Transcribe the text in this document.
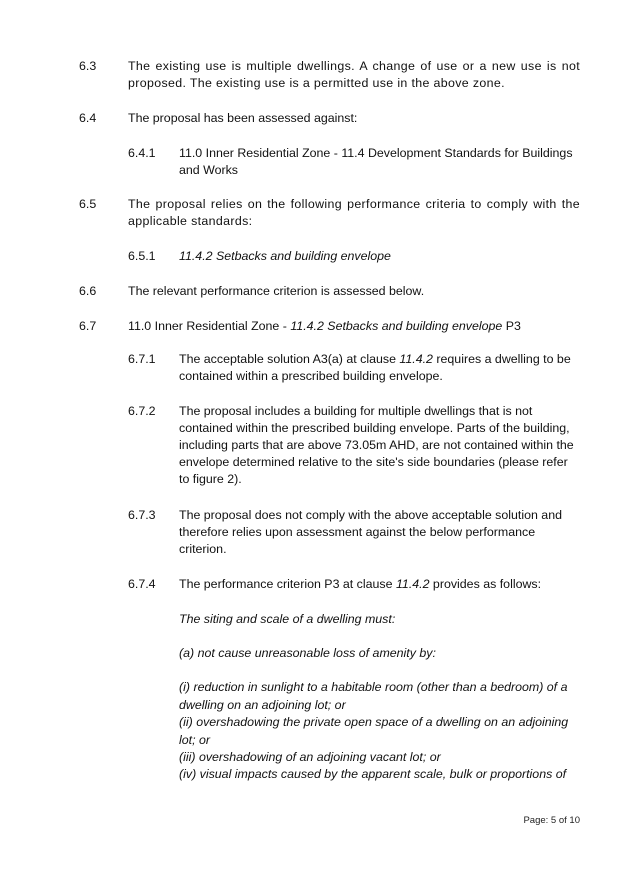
6.3	The existing use is multiple dwellings. A change of use or a new use is not proposed. The existing use is a permitted use in the above zone.
6.4	The proposal has been assessed against:
6.4.1 11.0 Inner Residential Zone - 11.4 Development Standards for Buildings and Works
6.5	The proposal relies on the following performance criteria to comply with the applicable standards:
6.5.1 11.4.2 Setbacks and building envelope
6.6	The relevant performance criterion is assessed below.
6.7	11.0 Inner Residential Zone - 11.4.2 Setbacks and building envelope P3
6.7.1 The acceptable solution A3(a) at clause 11.4.2 requires a dwelling to be contained within a prescribed building envelope.
6.7.2 The proposal includes a building for multiple dwellings that is not contained within the prescribed building envelope. Parts of the building, including parts that are above 73.05m AHD, are not contained within the envelope determined relative to the site's side boundaries (please refer to figure 2).
6.7.3 The proposal does not comply with the above acceptable solution and therefore relies upon assessment against the below performance criterion.
6.7.4 The performance criterion P3 at clause 11.4.2 provides as follows:
The siting and scale of a dwelling must:
(a) not cause unreasonable loss of amenity by:
(i) reduction in sunlight to a habitable room (other than a bedroom) of a dwelling on an adjoining lot; or
(ii) overshadowing the private open space of a dwelling on an adjoining lot; or
(iii) overshadowing of an adjoining vacant lot; or
(iv) visual impacts caused by the apparent scale, bulk or proportions of
Page: 5 of 10
